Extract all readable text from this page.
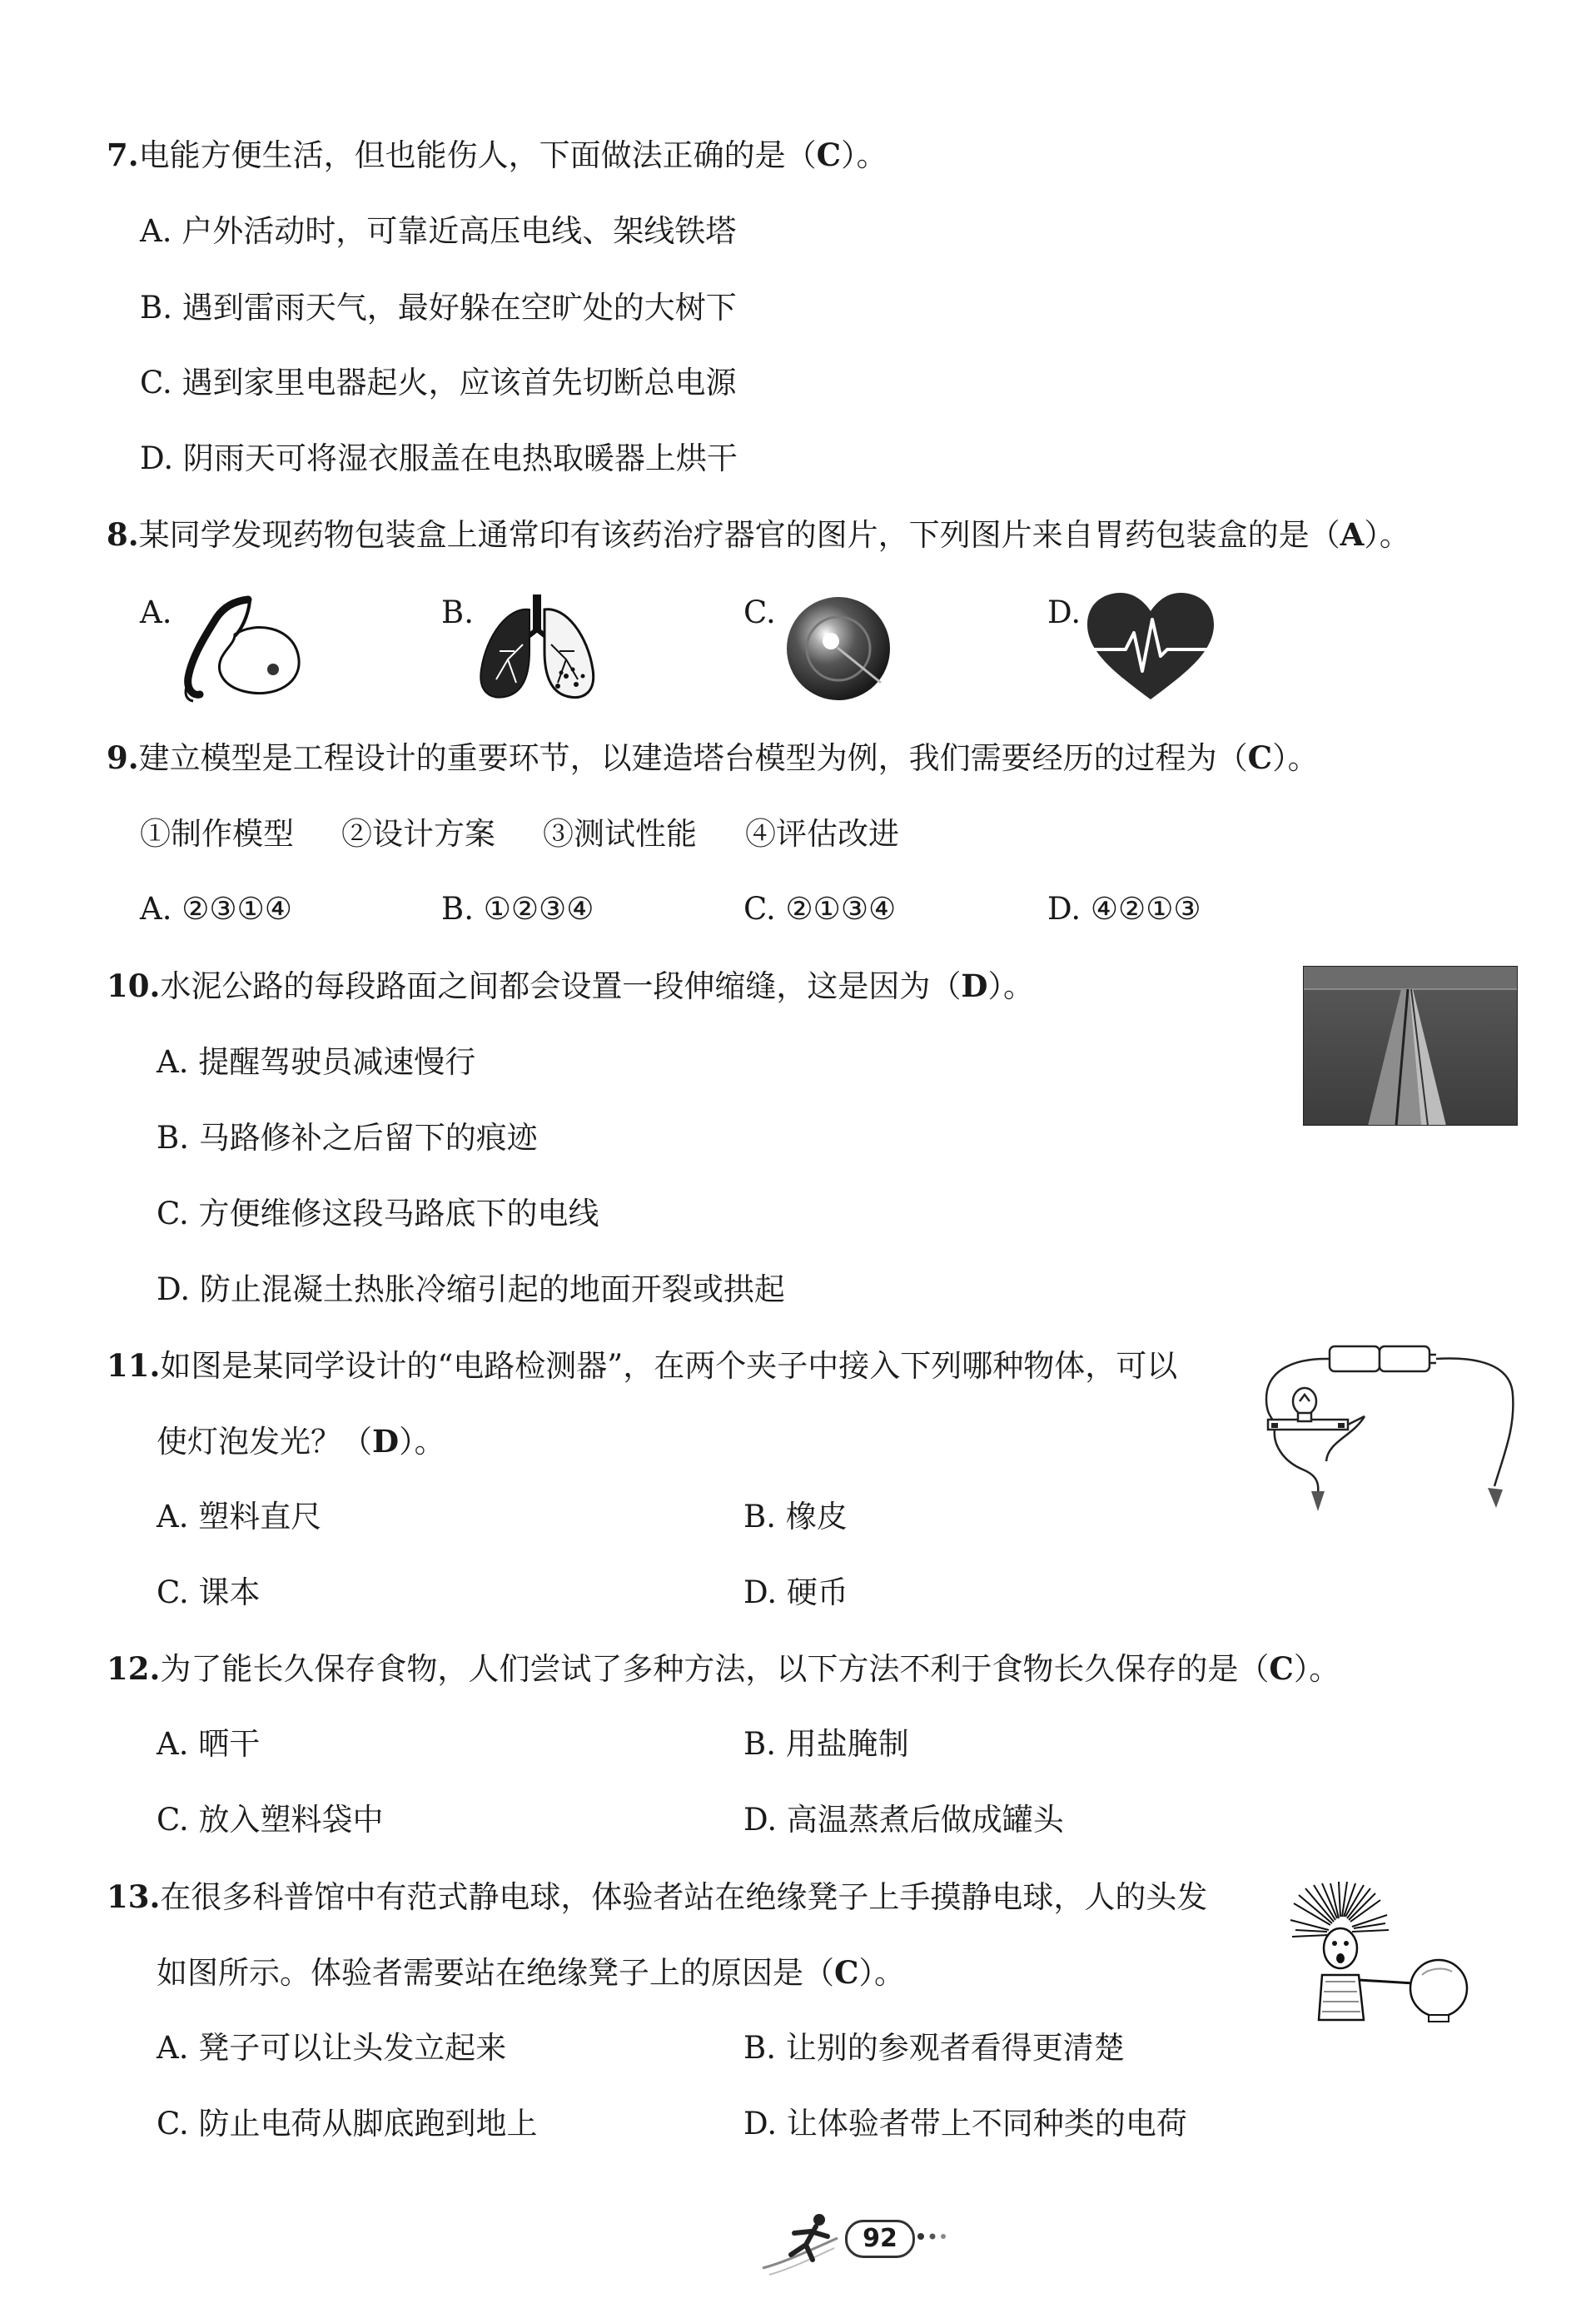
7.电能方便生活，但也能伤人，下面做法正确的是（C）。
A. 户外活动时，可靠近高压电线、架线铁塔
B. 遇到雷雨天气，最好躲在空旷处的大树下
C. 遇到家里电器起火，应该首先切断总电源
D. 阴雨天可将湿衣服盖在电热取暖器上烘干
8.某同学发现药物包装盒上通常印有该药治疗器官的图片，下列图片来自胃药包装盒的是（A）。
A.	B.	C.	D.
9.建立模型是工程设计的重要环节，以建造塔台模型为例，我们需要经历的过程为（C）。
①制作模型 ②设计方案 ③测试性能 ④评估改进
A. ②③①④	B. ①②③④	C. ②①③④	D. ④②①③
10.水泥公路的每段路面之间都会设置一段伸缩缝，这是因为（D）。
A. 提醒驾驶员减速慢行
B. 马路修补之后留下的痕迹
C. 方便维修这段马路底下的电线
D. 防止混凝土热胀冷缩引起的地面开裂或拱起
11.如图是某同学设计的“电路检测器”，在两个夹子中接入下列哪种物体，可以
使灯泡发光？（D）。
A. 塑料直尺	B. 橡皮
C. 课本	D. 硬币
12.为了能长久保存食物，人们尝试了多种方法，以下方法不利于食物长久保存的是（C）。
A. 晒干	B. 用盐腌制
C. 放入塑料袋中	D. 高温蒸煮后做成罐头
13.在很多科普馆中有范式静电球，体验者站在绝缘凳子上手摸静电球，人的头发
如图所示。体验者需要站在绝缘凳子上的原因是（C）。
A. 凳子可以让头发立起来	B. 让别的参观者看得更清楚
C. 防止电荷从脚底跑到地上	D. 让体验者带上不同种类的电荷
92
